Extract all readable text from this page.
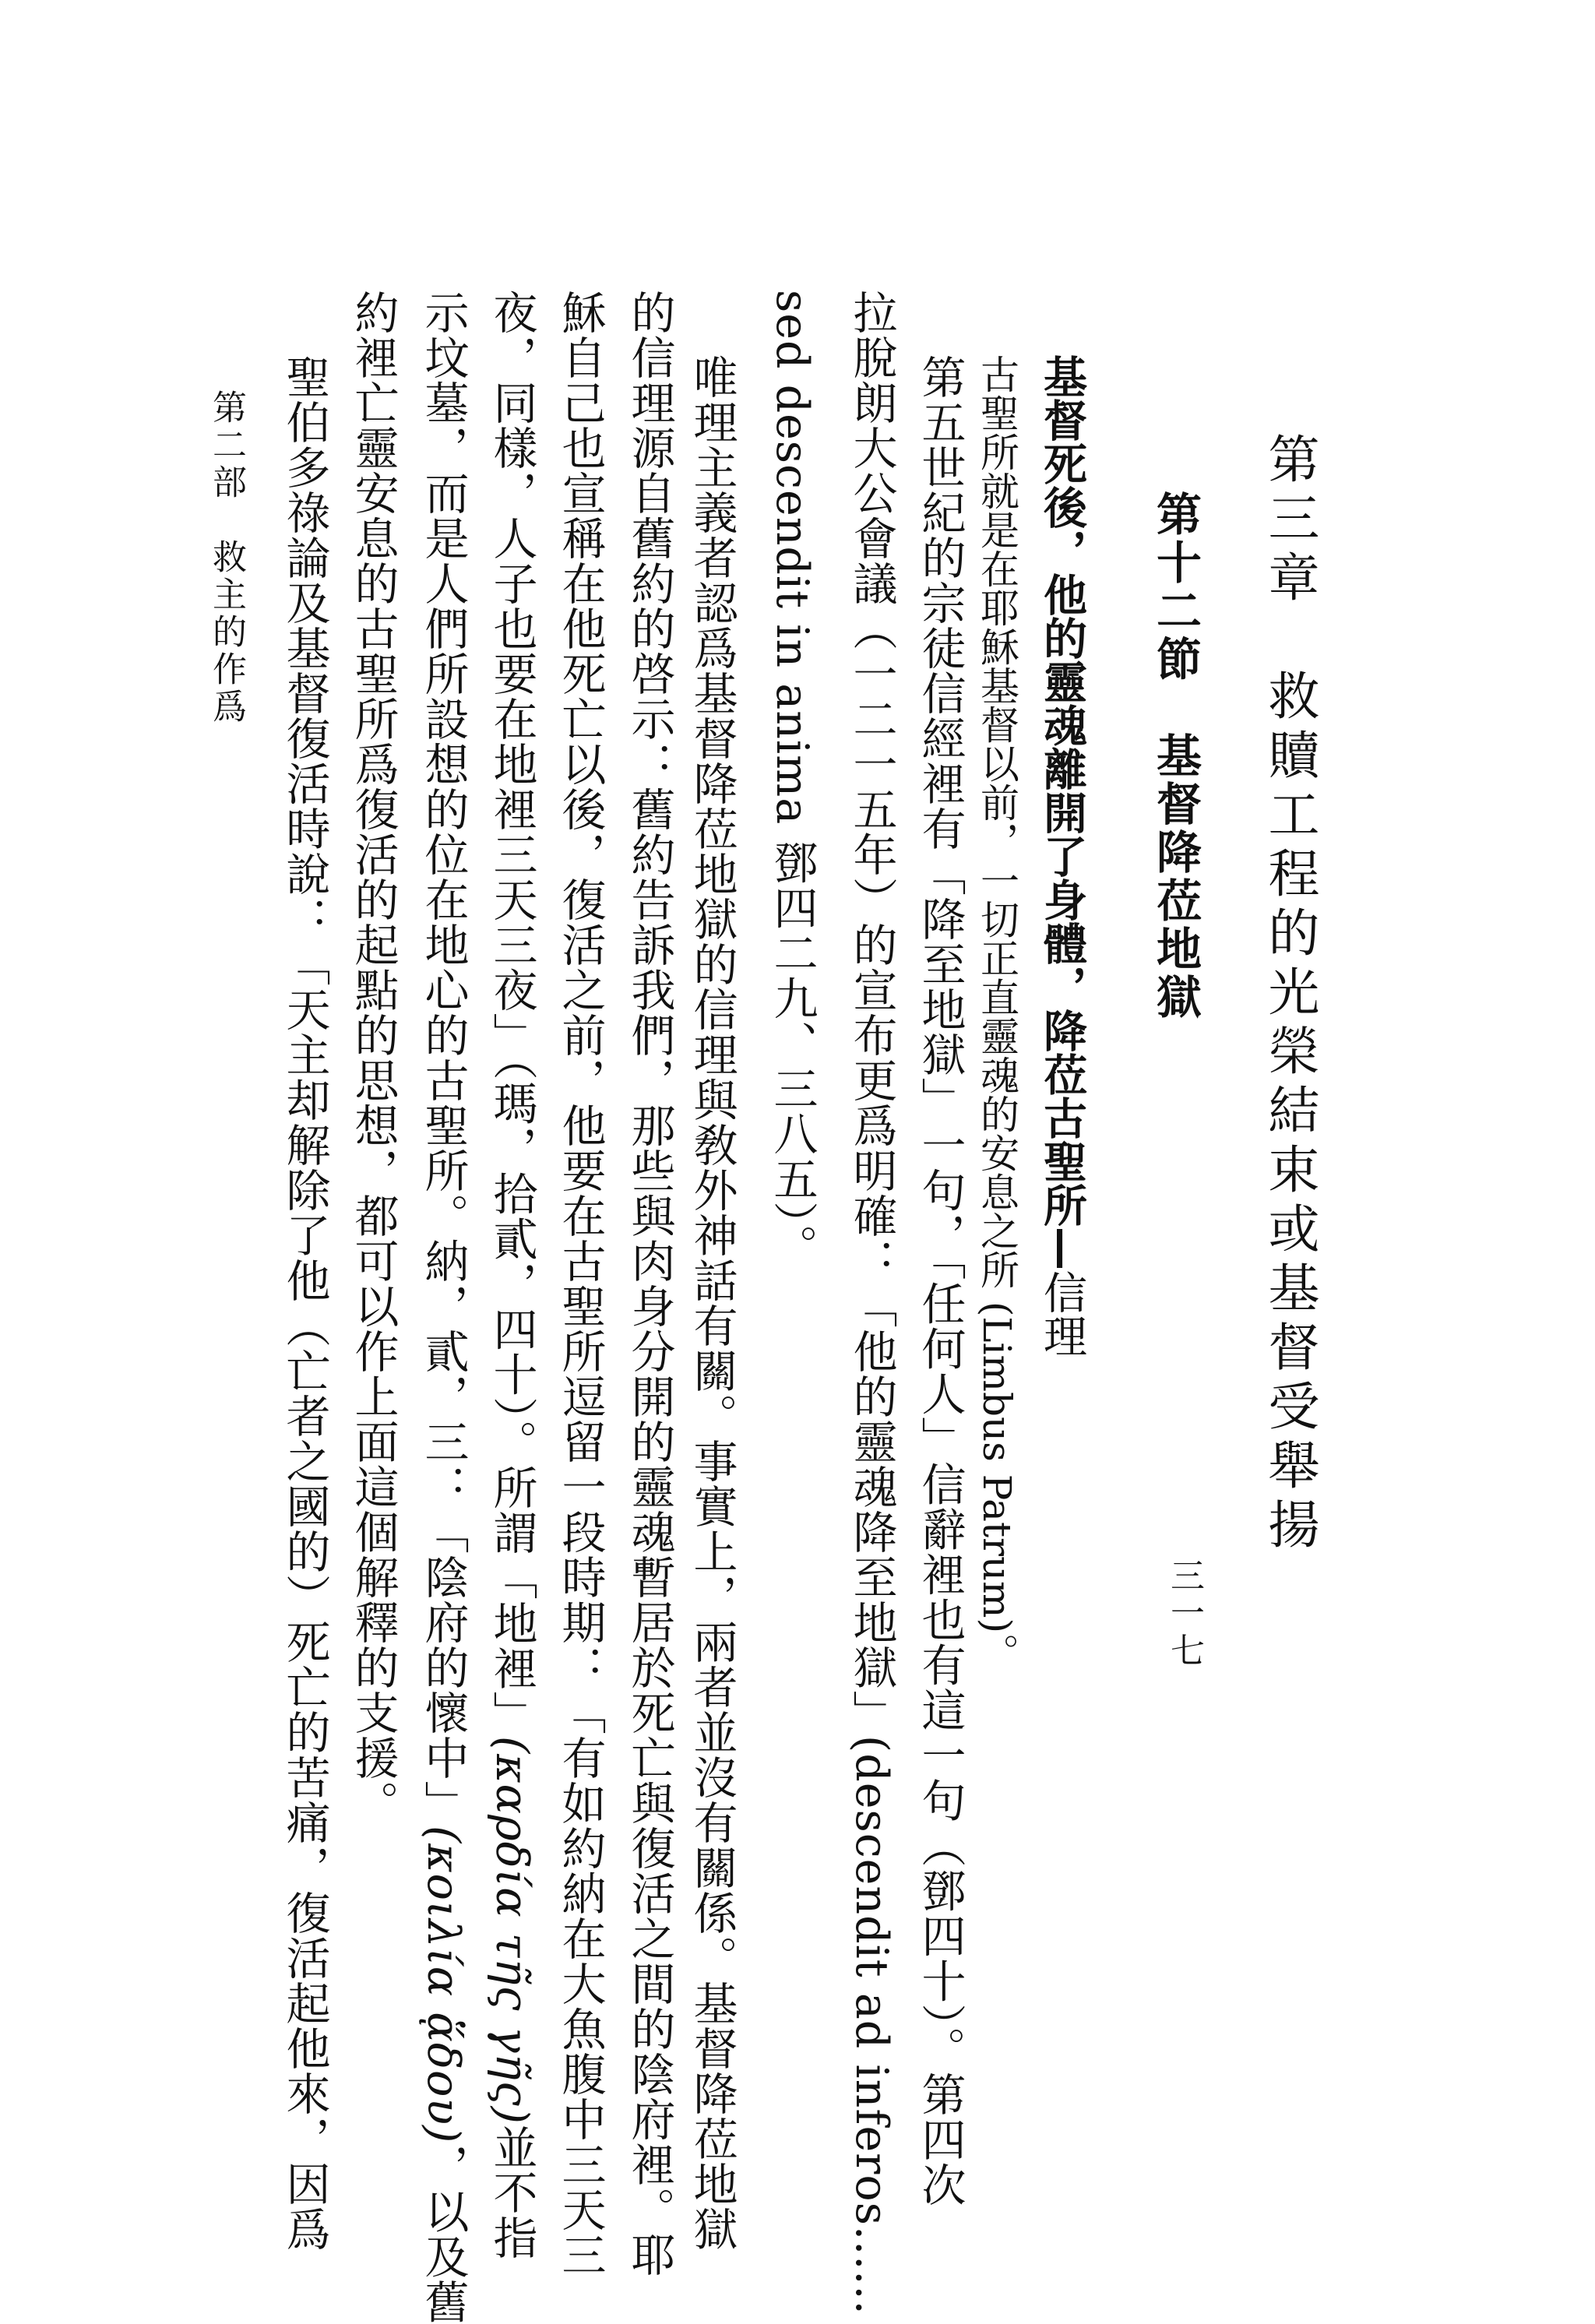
第三章　救贖工程的光榮結束或基督受舉揚
第十二節　基督降莅地獄
基督死後，他的靈魂離開了身體，降莅古聖所—信理
古聖所就是在耶穌基督以前，一切正直靈魂的安息之所 (Limbus Patrum)。
第五世紀的宗徒信經裡有「降至地獄」一句，「任何人」信辭裡也有這一句（鄧四十）。第四次
拉脫朗大公會議（一二一五年）的宣布更爲明確：「他的靈魂降至地獄」(descendit ad inferos......
sed descendit in anima 鄧四二九、三八五）。
唯理主義者認爲基督降莅地獄的信理與敎外神話有關。事實上，兩者並沒有關係。基督降莅地獄
的信理源自舊約的啓示：舊約告訴我們，那些與肉身分開的靈魂暫居於死亡與復活之間的陰府裡。耶
穌自己也宣稱在他死亡以後，復活之前，他要在古聖所逗留一段時期：「有如約納在大魚腹中三天三
夜，同樣，人子也要在地裡三天三夜」（瑪，拾貳，四十）。所謂「地裡」(καρδία τῆς γῆς)並不指
示坟墓，而是人們所設想的位在地心的古聖所。納，貳，三：「陰府的懷中」(κοιλία ᾅδου)，以及舊
約裡亡靈安息的古聖所爲復活的起點的思想，都可以作上面這個解釋的支援。
聖伯多祿論及基督復活時說：「天主却解除了他（亡者之國的）死亡的苦痛，復活起他來，因爲
第二部　救主的作爲
三一七
